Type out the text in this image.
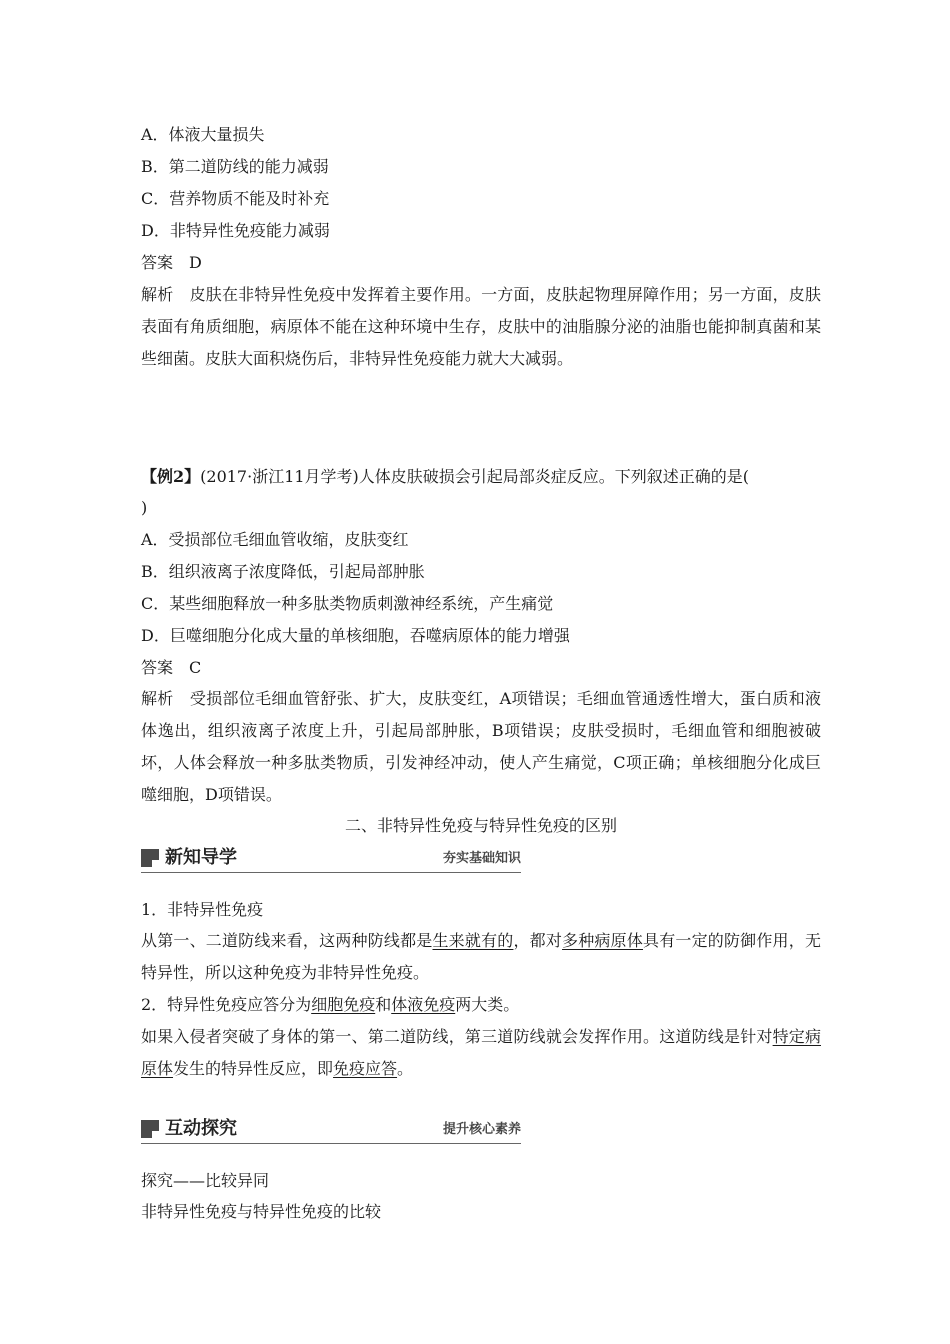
A．体液大量损失
B．第二道防线的能力减弱
C．营养物质不能及时补充
D．非特异性免疫能力减弱
答案　D
解析　皮肤在非特异性免疫中发挥着主要作用。一方面，皮肤起物理屏障作用；另一方面，皮肤表面有角质细胞，病原体不能在这种环境中生存，皮肤中的油脂腺分泌的油脂也能抑制真菌和某些细菌。皮肤大面积烧伤后，非特异性免疫能力就大大减弱。
【例2】(2017·浙江11月学考)人体皮肤破损会引起局部炎症反应。下列叙述正确的是(
)
A．受损部位毛细血管收缩，皮肤变红
B．组织液离子浓度降低，引起局部肿胀
C．某些细胞释放一种多肽类物质刺激神经系统，产生痛觉
D．巨噬细胞分化成大量的单核细胞，吞噬病原体的能力增强
答案　C
解析　受损部位毛细血管舒张、扩大，皮肤变红，A项错误；毛细血管通透性增大，蛋白质和液体逸出，组织液离子浓度上升，引起局部肿胀，B项错误；皮肤受损时，毛细血管和细胞被破坏，人体会释放一种多肽类物质，引发神经冲动，使人产生痛觉，C项正确；单核细胞分化成巨噬细胞，D项错误。
二、非特异性免疫与特异性免疫的区别
新知导学	夯实基础知识
1．非特异性免疫
从第一、二道防线来看，这两种防线都是生来就有的，都对多种病原体具有一定的防御作用，无特异性，所以这种免疫为非特异性免疫。
2．特异性免疫应答分为细胞免疫和体液免疫两大类。
如果入侵者突破了身体的第一、第二道防线，第三道防线就会发挥作用。这道防线是针对特定病原体发生的特异性反应，即免疫应答。
互动探究	提升核心素养
探究——比较异同
非特异性免疫与特异性免疫的比较
